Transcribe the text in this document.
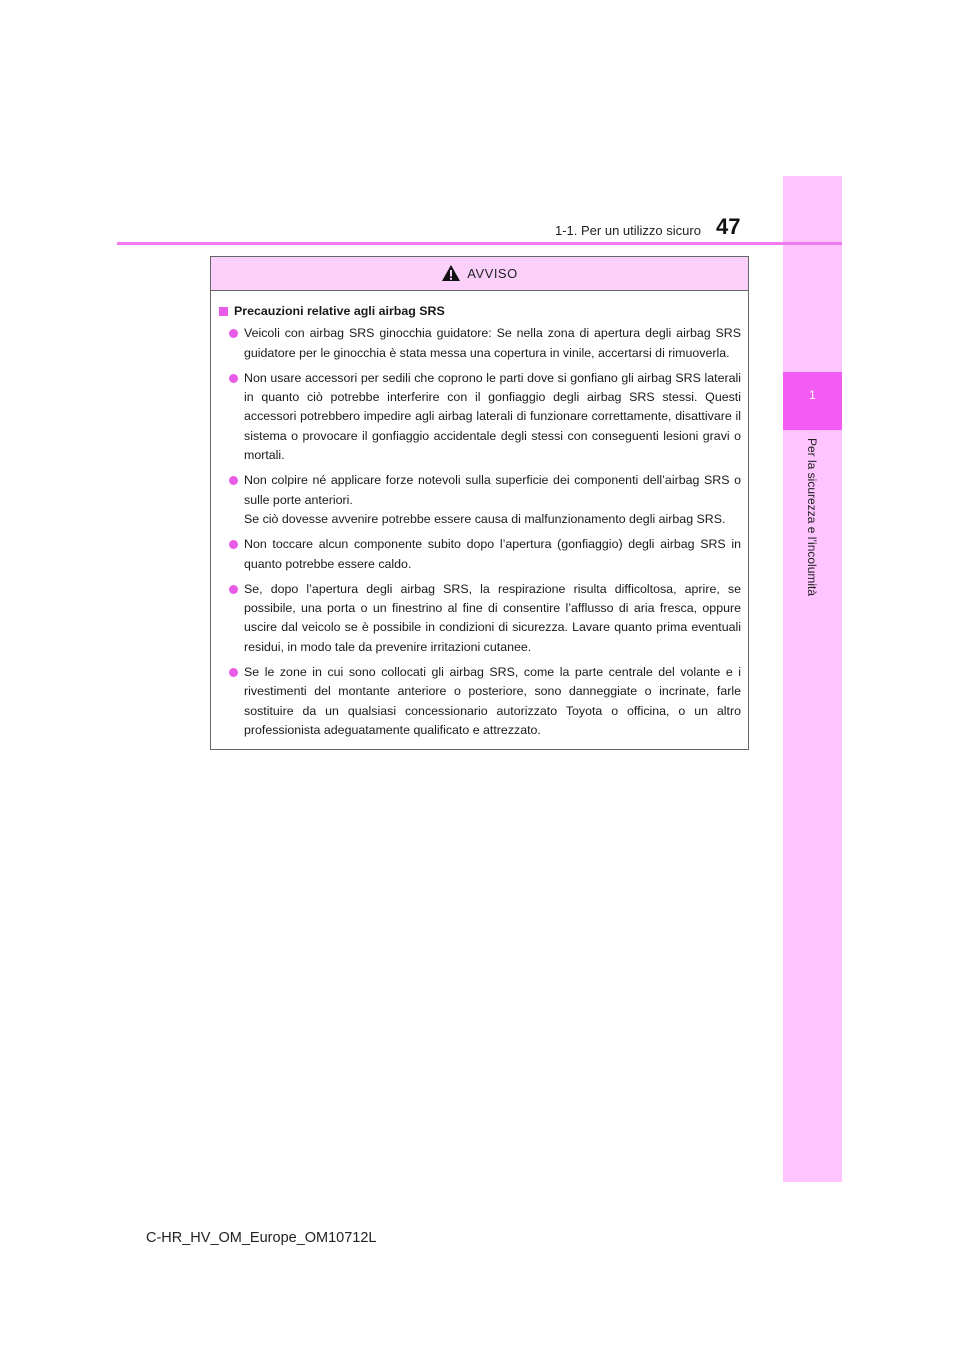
1
Per la sicurezza e l’incolumità
1-1. Per un utilizzo sicuro 47
AVVISO
Precauzioni relative agli airbag SRS
Veicoli con airbag SRS ginocchia guidatore: Se nella zona di apertura degli airbag SRS guidatore per le ginocchia è stata messa una copertura in vinile, accertarsi di rimuoverla.
Non usare accessori per sedili che coprono le parti dove si gonfiano gli airbag SRS laterali in quanto ciò potrebbe interferire con il gonfiaggio degli airbag SRS stessi. Questi accessori potrebbero impedire agli airbag laterali di funzionare correttamente, disattivare il sistema o provocare il gonfiaggio accidentale degli stessi con conseguenti lesioni gravi o mortali.

Non colpire né applicare forze notevoli sulla superficie dei componenti dell’airbag SRS o sulle porte anteriori.

Se ciò dovesse avvenire potrebbe essere causa di malfunzionamento degli airbag SRS.

Non toccare alcun componente subito dopo l’apertura (gonfiaggio) degli airbag SRS in quanto potrebbe essere caldo.
Se, dopo l’apertura degli airbag SRS, la respirazione risulta difficoltosa, aprire, se possibile, una porta o un finestrino al fine di consentire l’afflusso di aria fresca, oppure uscire dal veicolo se è possibile in condizioni di sicurezza. Lavare quanto prima eventuali residui, in modo tale da prevenire irritazioni cutanee.
Se le zone in cui sono collocati gli airbag SRS, come la parte centrale del volante e i rivestimenti del montante anteriore o posteriore, sono danneggiate o incrinate, farle sostituire da un qualsiasi concessionario autorizzato Toyota o officina, o un altro professionista adeguatamente qualificato e attrezzato.
C-HR_HV_OM_Europe_OM10712L
